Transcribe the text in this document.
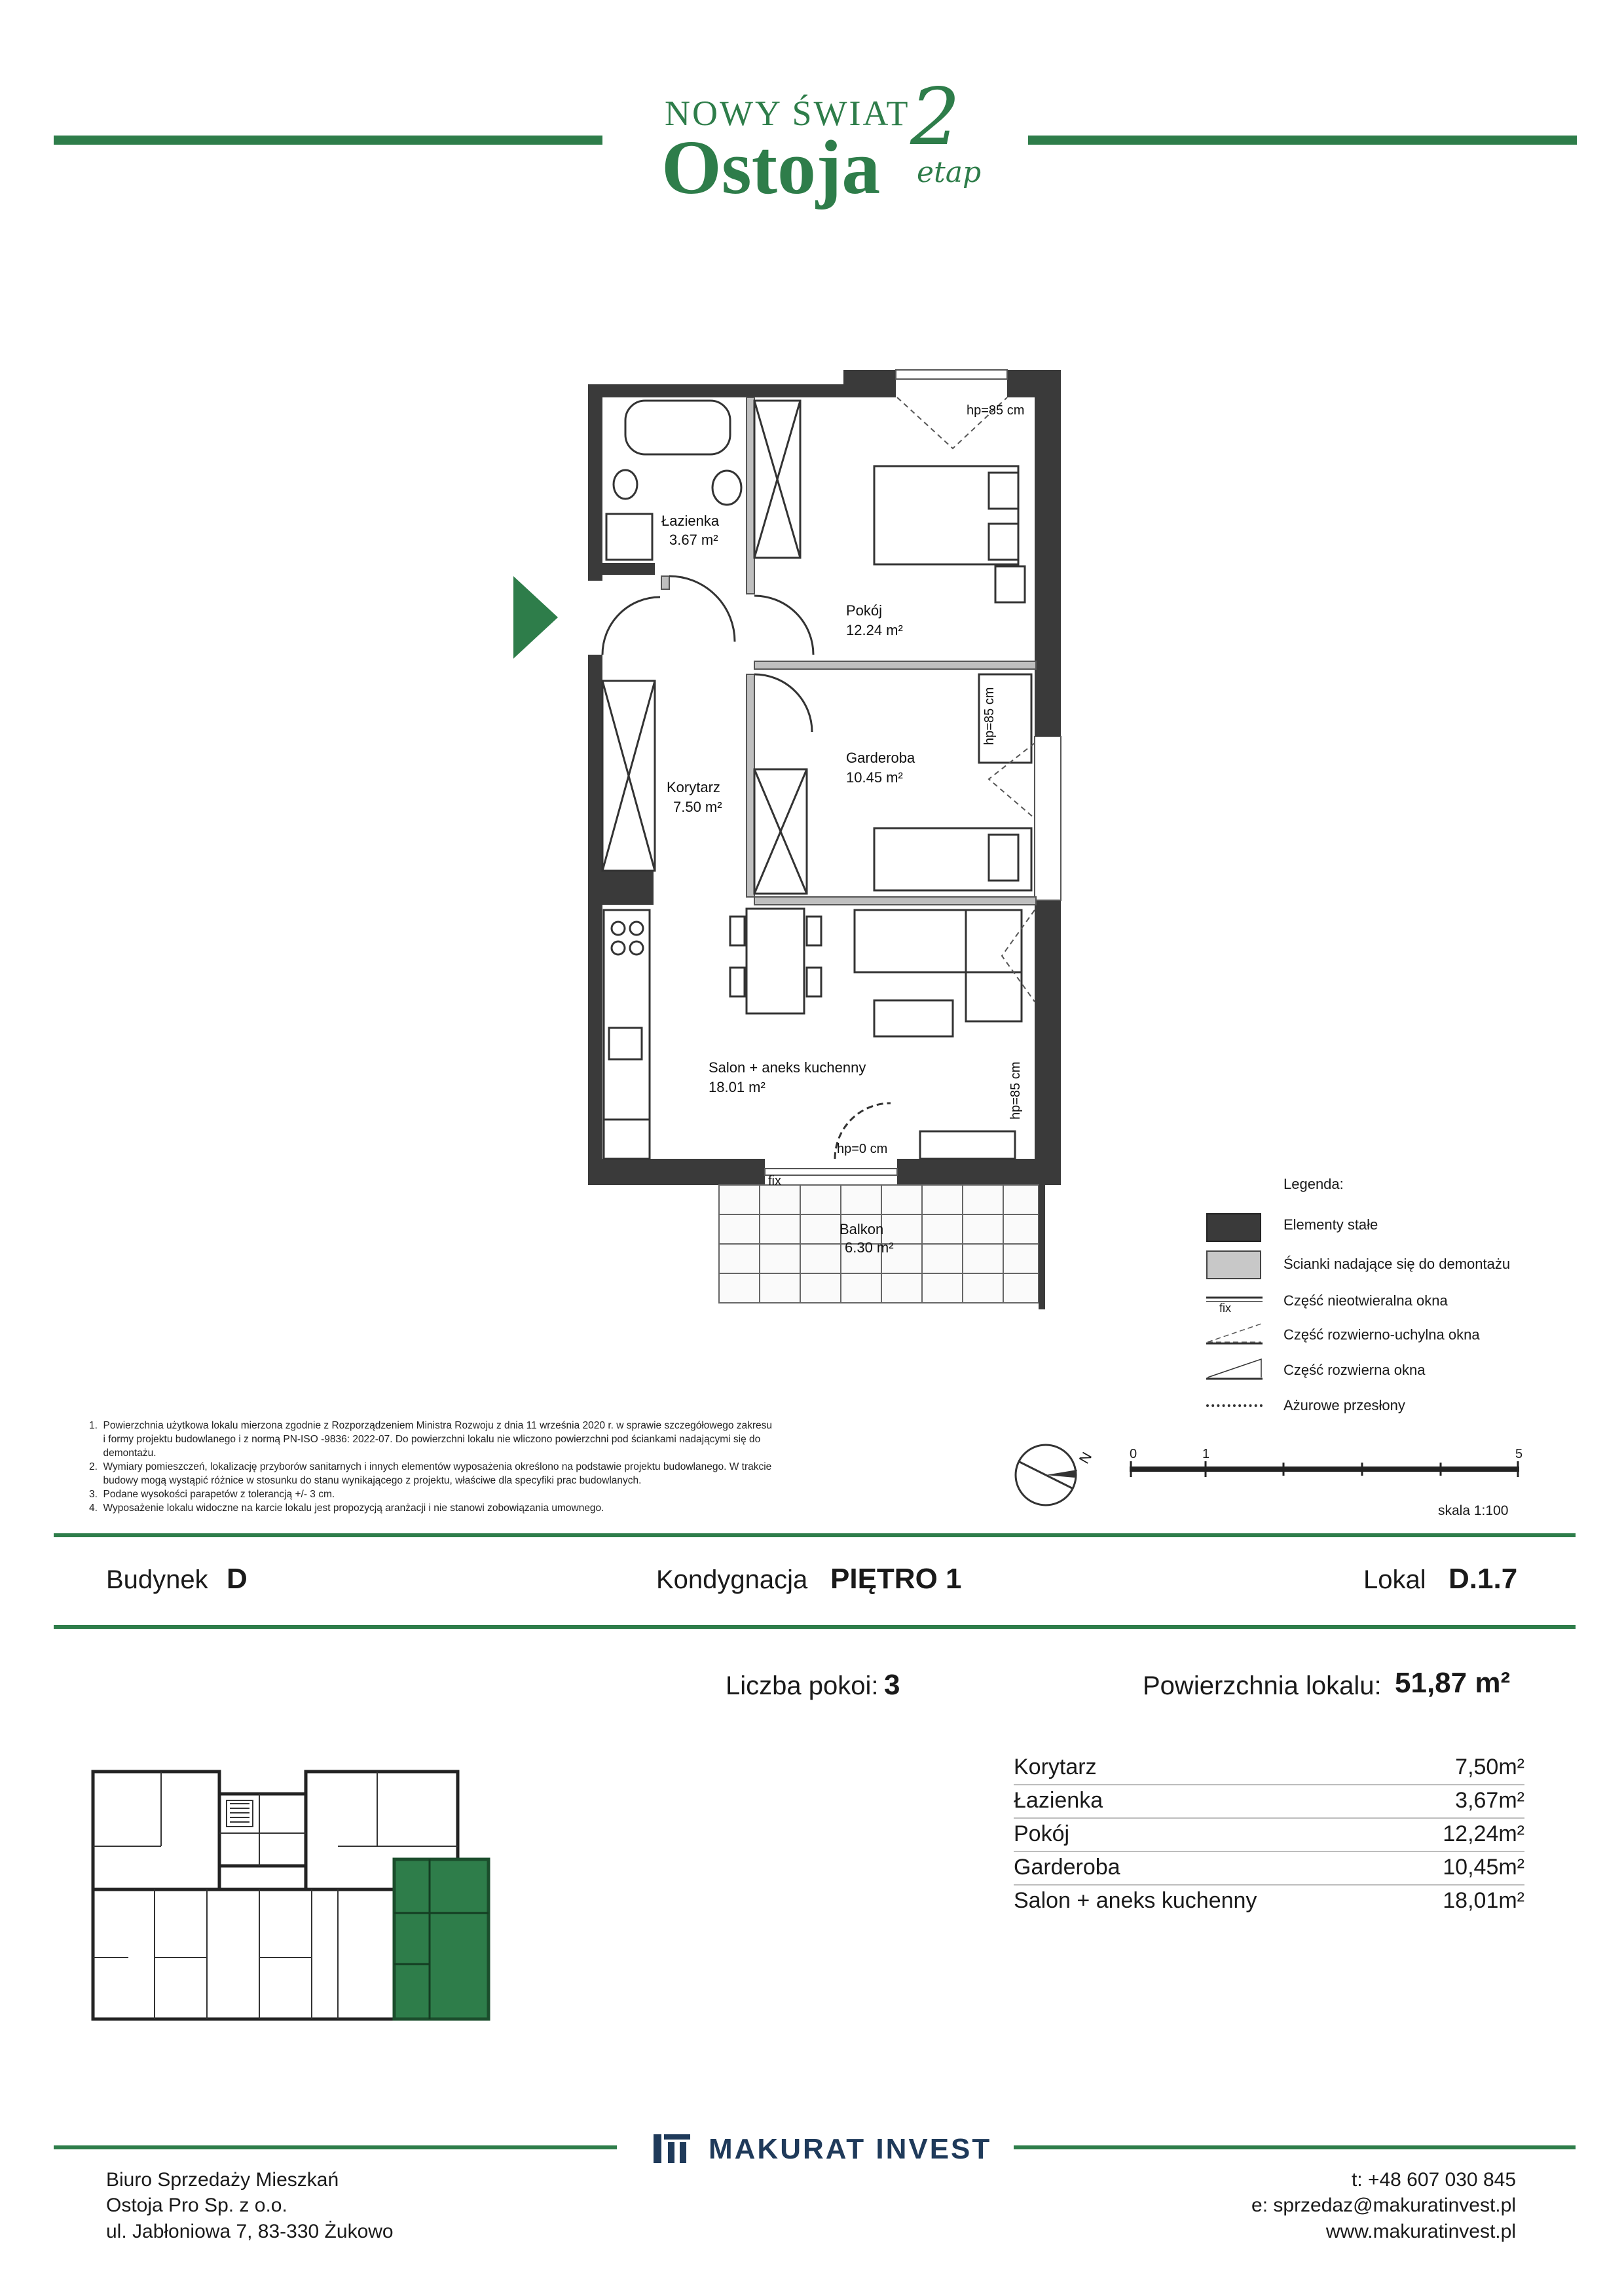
NOWY ŚWIAT
Ostoja
2
etap
Łazienka
3.67 m²
Pokój
12.24 m²
Garderoba
10.45 m²
Korytarz
7.50 m²
Salon + aneks kuchenny
18.01 m²
Balkon
6.30 m²
hp=85 cm
hp=85 cm
hp=85 cm
hp=0 cm
fix	Legenda:
Elementy stałe
Ścianki nadające się do demontażu
fix	Część nieotwieralna okna
Część rozwierno-uchylna okna
Część rozwierna okna
Ażurowe przesłony
1.  Powierzchnia użytkowa lokalu mierzona zgodnie z Rozporządzeniem Ministra Rozwoju z dnia 11 września 2020 r. w sprawie szczegółowego zakresu
i formy projektu budowlanego i z normą PN-ISO -9836: 2022-07. Do powierzchni lokalu nie wliczono powierzchni pod ściankami nadającymi się do
demontażu.
2.  Wymiary pomieszczeń, lokalizację przyborów sanitarnych i innych elementów wyposażenia określono na podstawie projektu budowlanego. W trakcie
budowy mogą wystąpić różnice w stosunku do stanu wynikającego z projektu, właściwe dla specyfiki prac budowlanych.
3.  Podane wysokości parapetów z tolerancją +/- 3 cm.
4.  Wyposażenie lokalu widoczne na karcie lokalu jest propozycją aranżacji i nie stanowi zobowiązania umownego.
N	0	1	5
skala 1:100
Budynek D	Kondygnacja PIĘTRO 1	Lokal D.1.7
Liczba pokoi: 3	Powierzchnia lokalu: 51,87 m²
Korytarz	7,50m²
Łazienka	3,67m²
Pokój	12,24m²
Garderoba	10,45m²
Salon + aneks kuchenny	18,01m²
MAKURAT INVEST
Biuro Sprzedaży Mieszkań
Ostoja Pro Sp. z o.o.
ul. Jabłoniowa 7, 83-330 Żukowo
t: +48 607 030 845
e: sprzedaz@makuratinvest.pl
www.makuratinvest.pl
